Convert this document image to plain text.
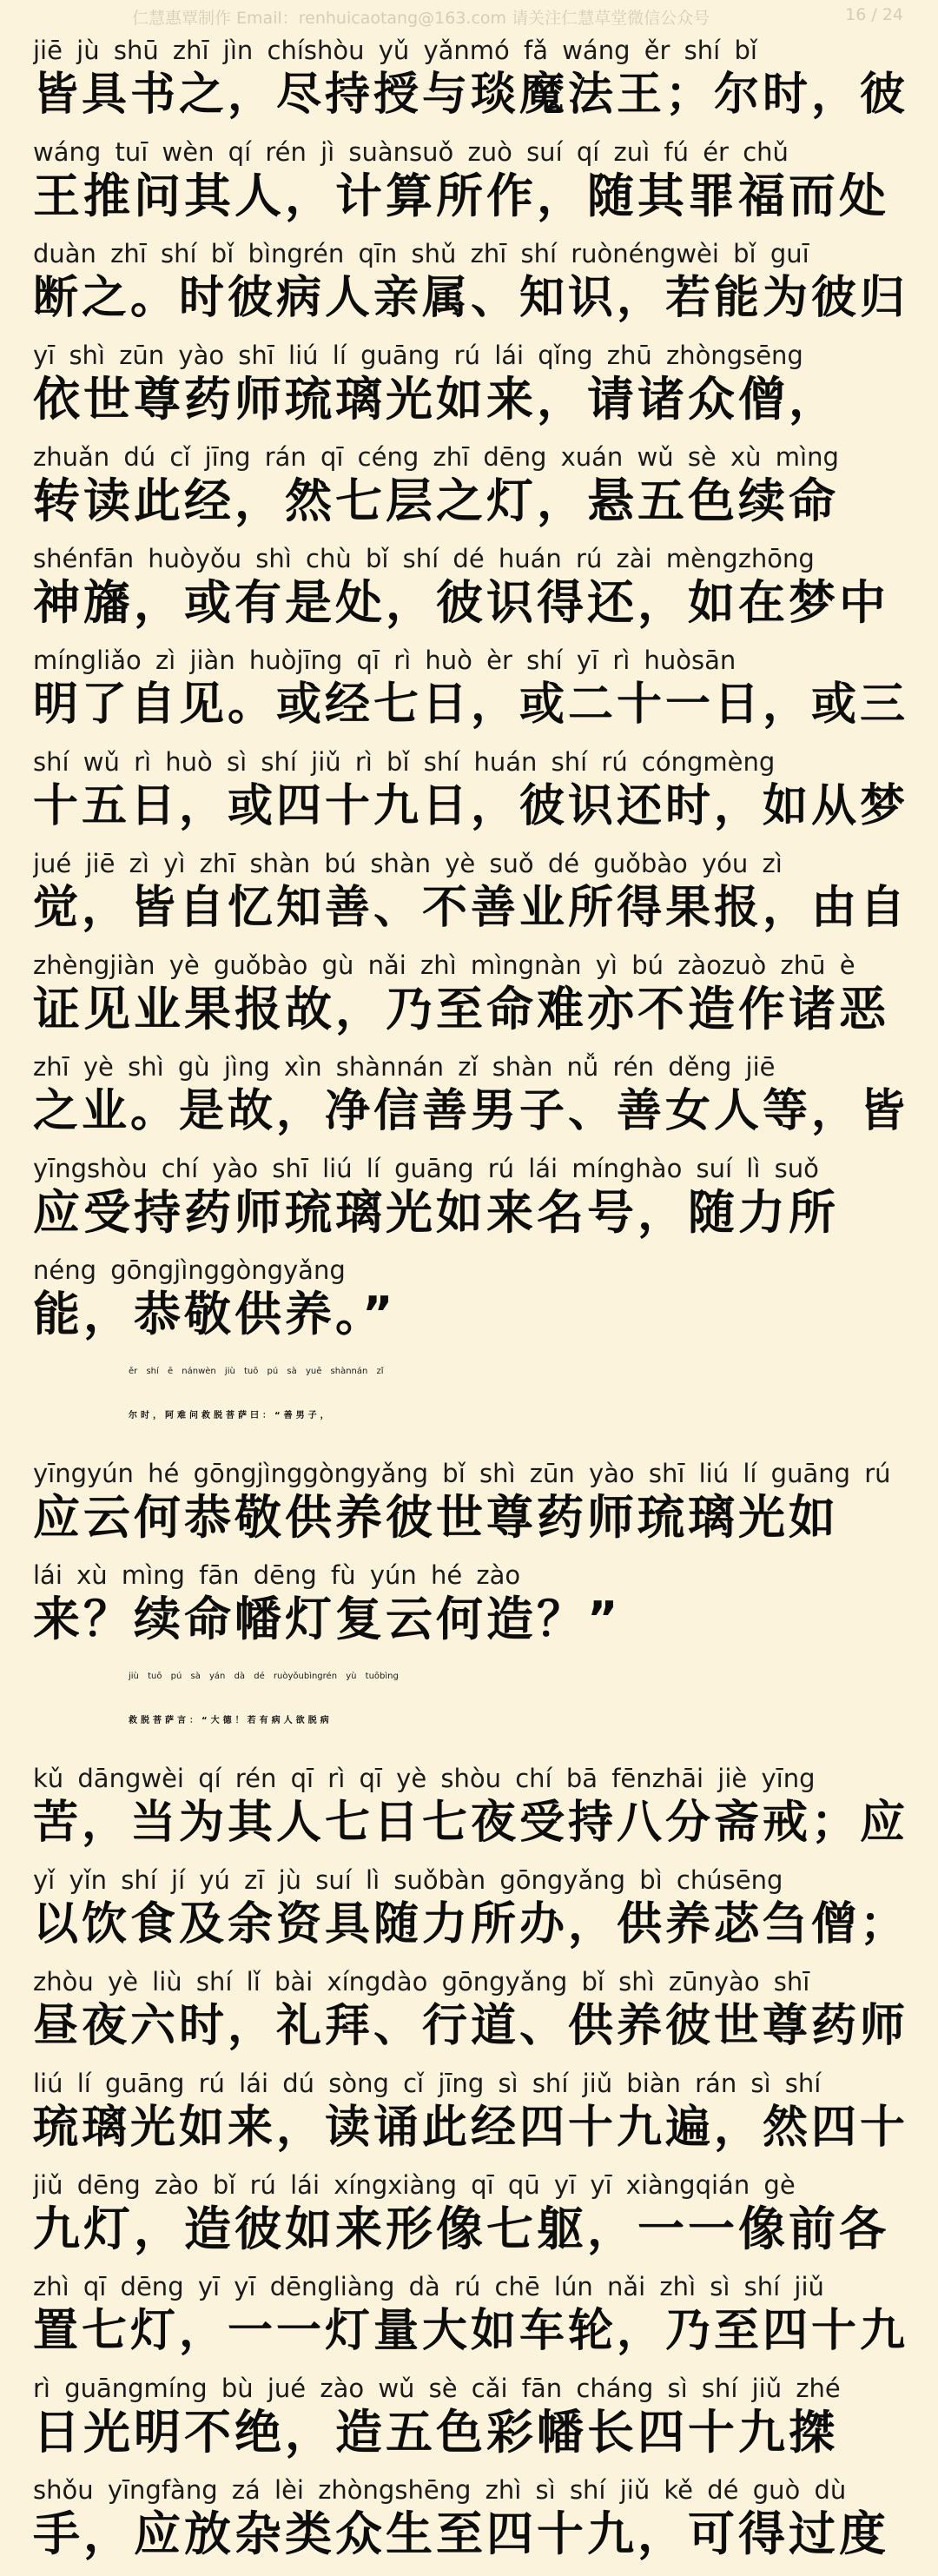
仁慧惠覃制作 Email：renhuicaotang@163.com 请关注仁慧草堂微信公众号	16 / 24
jiē jù shū zhī jìn chíshòu yǔ yǎnmó fǎ wáng ěr shí bǐ
皆具书之，尽持授与琰魔法王；尔时，彼
wáng tuī wèn qí rén jì suànsuǒ zuò suí qí zuì fú ér chǔ
王推问其人，计算所作，随其罪福而处
duàn zhī shí bǐ bìngrén qīn shǔ zhī shí ruònéngwèi bǐ guī
断之。时彼病人亲属、知识，若能为彼归
yī shì zūn yào shī liú lí guāng rú lái qǐng zhū zhòngsēng
依世尊药师琉璃光如来，请诸众僧，
zhuǎn dú cǐ jīng rán qī céng zhī dēng xuán wǔ sè xù mìng
转读此经，然七层之灯，悬五色续命
shénfān huòyǒu shì chù bǐ shí dé huán rú zài mèngzhōng
神旛，或有是处，彼识得还，如在梦中
míngliǎo zì jiàn huòjīng qī rì huò èr shí yī rì huòsān
明了自见。或经七日，或二十一日，或三
shí wǔ rì huò sì shí jiǔ rì bǐ shí huán shí rú cóngmèng
十五日，或四十九日，彼识还时，如从梦
jué jiē zì yì zhī shàn bú shàn yè suǒ dé guǒbào yóu zì
觉，皆自忆知善、不善业所得果报，由自
zhèngjiàn yè guǒbào gù nǎi zhì mìngnàn yì bú zàozuò zhū è
证见业果报故，乃至命难亦不造作诸恶
zhī yè shì gù jìng xìn shànnán zǐ shàn nǚ rén děng jiē
之业。是故，净信善男子、善女人等，皆
yīngshòu chí yào shī liú lí guāng rú lái mínghào suí lì suǒ
应受持药师琉璃光如来名号，随力所
néng gōngjìnggòngyǎng
能，恭敬供养。”
ěr shí ē nánwèn jiù tuō pú sà yuē shànnán zǐ
尔时，阿难问救脱菩萨曰：“善男子，
yīngyún hé gōngjìnggòngyǎng bǐ shì zūn yào shī liú lí guāng rú
应云何恭敬供养彼世尊药师琉璃光如
lái xù mìng fān dēng fù yún hé zào
来？续命幡灯复云何造？”
jiù tuō pú sà yán dà dé ruòyǒubìngrén yù tuōbìng
救脱菩萨言：“大德！若有病人欲脱病
kǔ dāngwèi qí rén qī rì qī yè shòu chí bā fēnzhāi jiè yīng
苦，当为其人七日七夜受持八分斋戒；应
yǐ yǐn shí jí yú zī jù suí lì suǒbàn gōngyǎng bì chúsēng
以饮食及余资具随力所办，供养苾刍僧；
zhòu yè liù shí lǐ bài xíngdào gōngyǎng bǐ shì zūnyào shī
昼夜六时，礼拜、行道、供养彼世尊药师
liú lí guāng rú lái dú sòng cǐ jīng sì shí jiǔ biàn rán sì shí
琉璃光如来，读诵此经四十九遍，然四十
jiǔ dēng zào bǐ rú lái xíngxiàng qī qū yī yī xiàngqián gè
九灯，造彼如来形像七躯，一一像前各
zhì qī dēng yī yī dēngliàng dà rú chē lún nǎi zhì sì shí jiǔ
置七灯，一一灯量大如车轮，乃至四十九
rì guāngmíng bù jué zào wǔ sè cǎi fān cháng sì shí jiǔ zhé
日光明不绝，造五色彩幡长四十九搩
shǒu yīngfàng zá lèi zhòngshēng zhì sì shí jiǔ kě dé guò dù
手，应放杂类众生至四十九，可得过度
